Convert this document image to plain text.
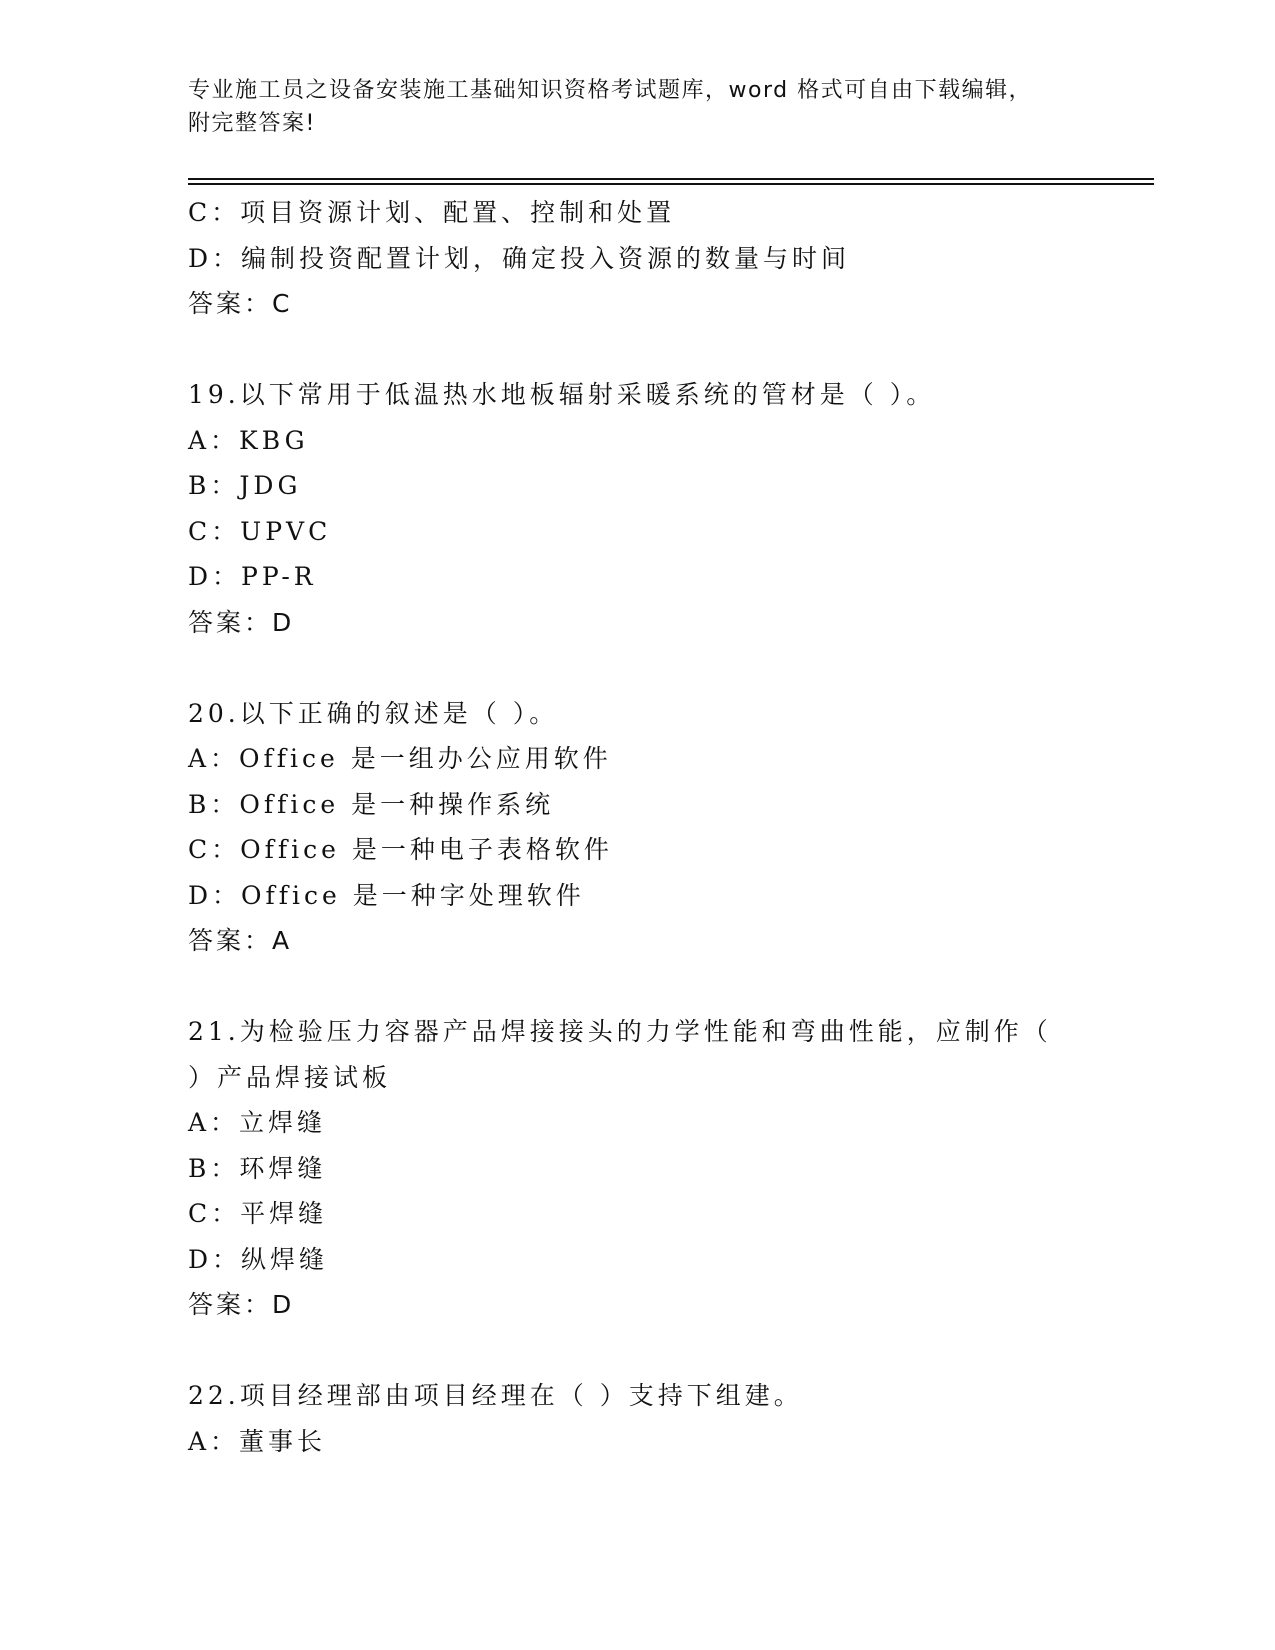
专业施工员之设备安装施工基础知识资格考试题库，word 格式可自由下载编辑，
附完整答案!
C：项目资源计划、配置、控制和处置
D：编制投资配置计划，确定投入资源的数量与时间
答案：C
19.以下常用于低温热水地板辐射采暖系统的管材是（ ）。
A：KBG
B：JDG
C：UPVC
D：PP-R
答案：D
20.以下正确的叙述是（ ）。
A：Office 是一组办公应用软件
B：Office 是一种操作系统
C：Office 是一种电子表格软件
D：Office 是一种字处理软件
答案：A
21.为检验压力容器产品焊接接头的力学性能和弯曲性能，应制作（
）产品焊接试板
A：立焊缝
B：环焊缝
C：平焊缝
D：纵焊缝
答案：D
22.项目经理部由项目经理在（ ）支持下组建。
A：董事长
